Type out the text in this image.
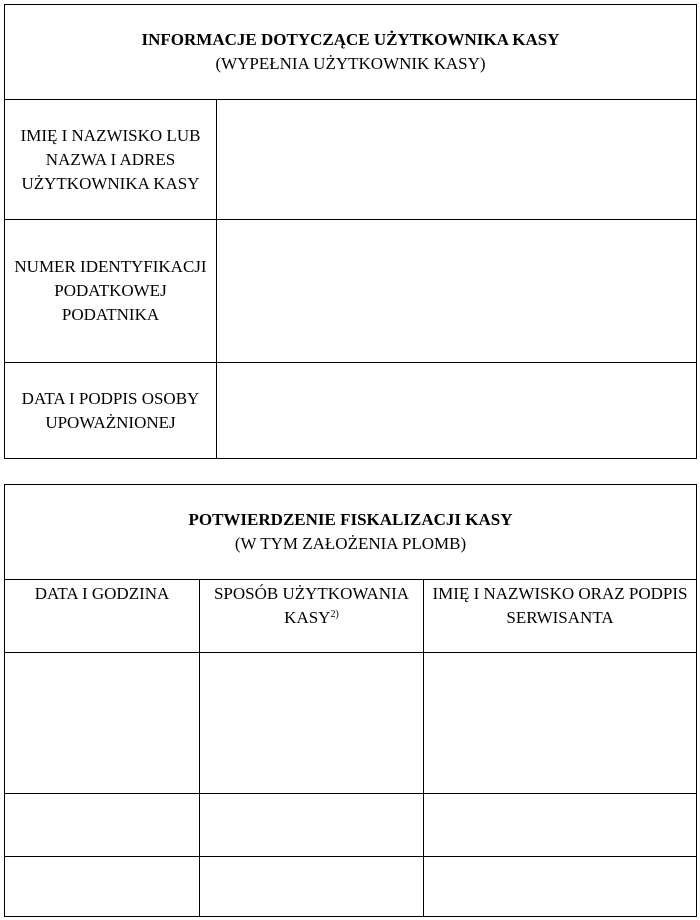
INFORMACJE DOTYCZĄCE UŻYTKOWNIKA KASY
(WYPEŁNIA UŻYTKOWNIK KASY)	

IMIĘ I NAZWISKO LUB NAZWA I ADRES UŻYTKOWNIKA KASY	
NUMER IDENTYFIKACJI PODATKOWEJ PODATNIKA	
DATA I PODPIS OSOBY UPOWAŻNIONEJ	
POTWIERDZENIE FISKALIZACJI KASY
(W TYM ZAŁOŻENIA PLOMB)		

DATA I GODZINA	SPOSÓB UŻYTKOWANIA KASY$^{2)}$	IMIĘ I NAZWISKO ORAZ PODPIS SERWISANTA
